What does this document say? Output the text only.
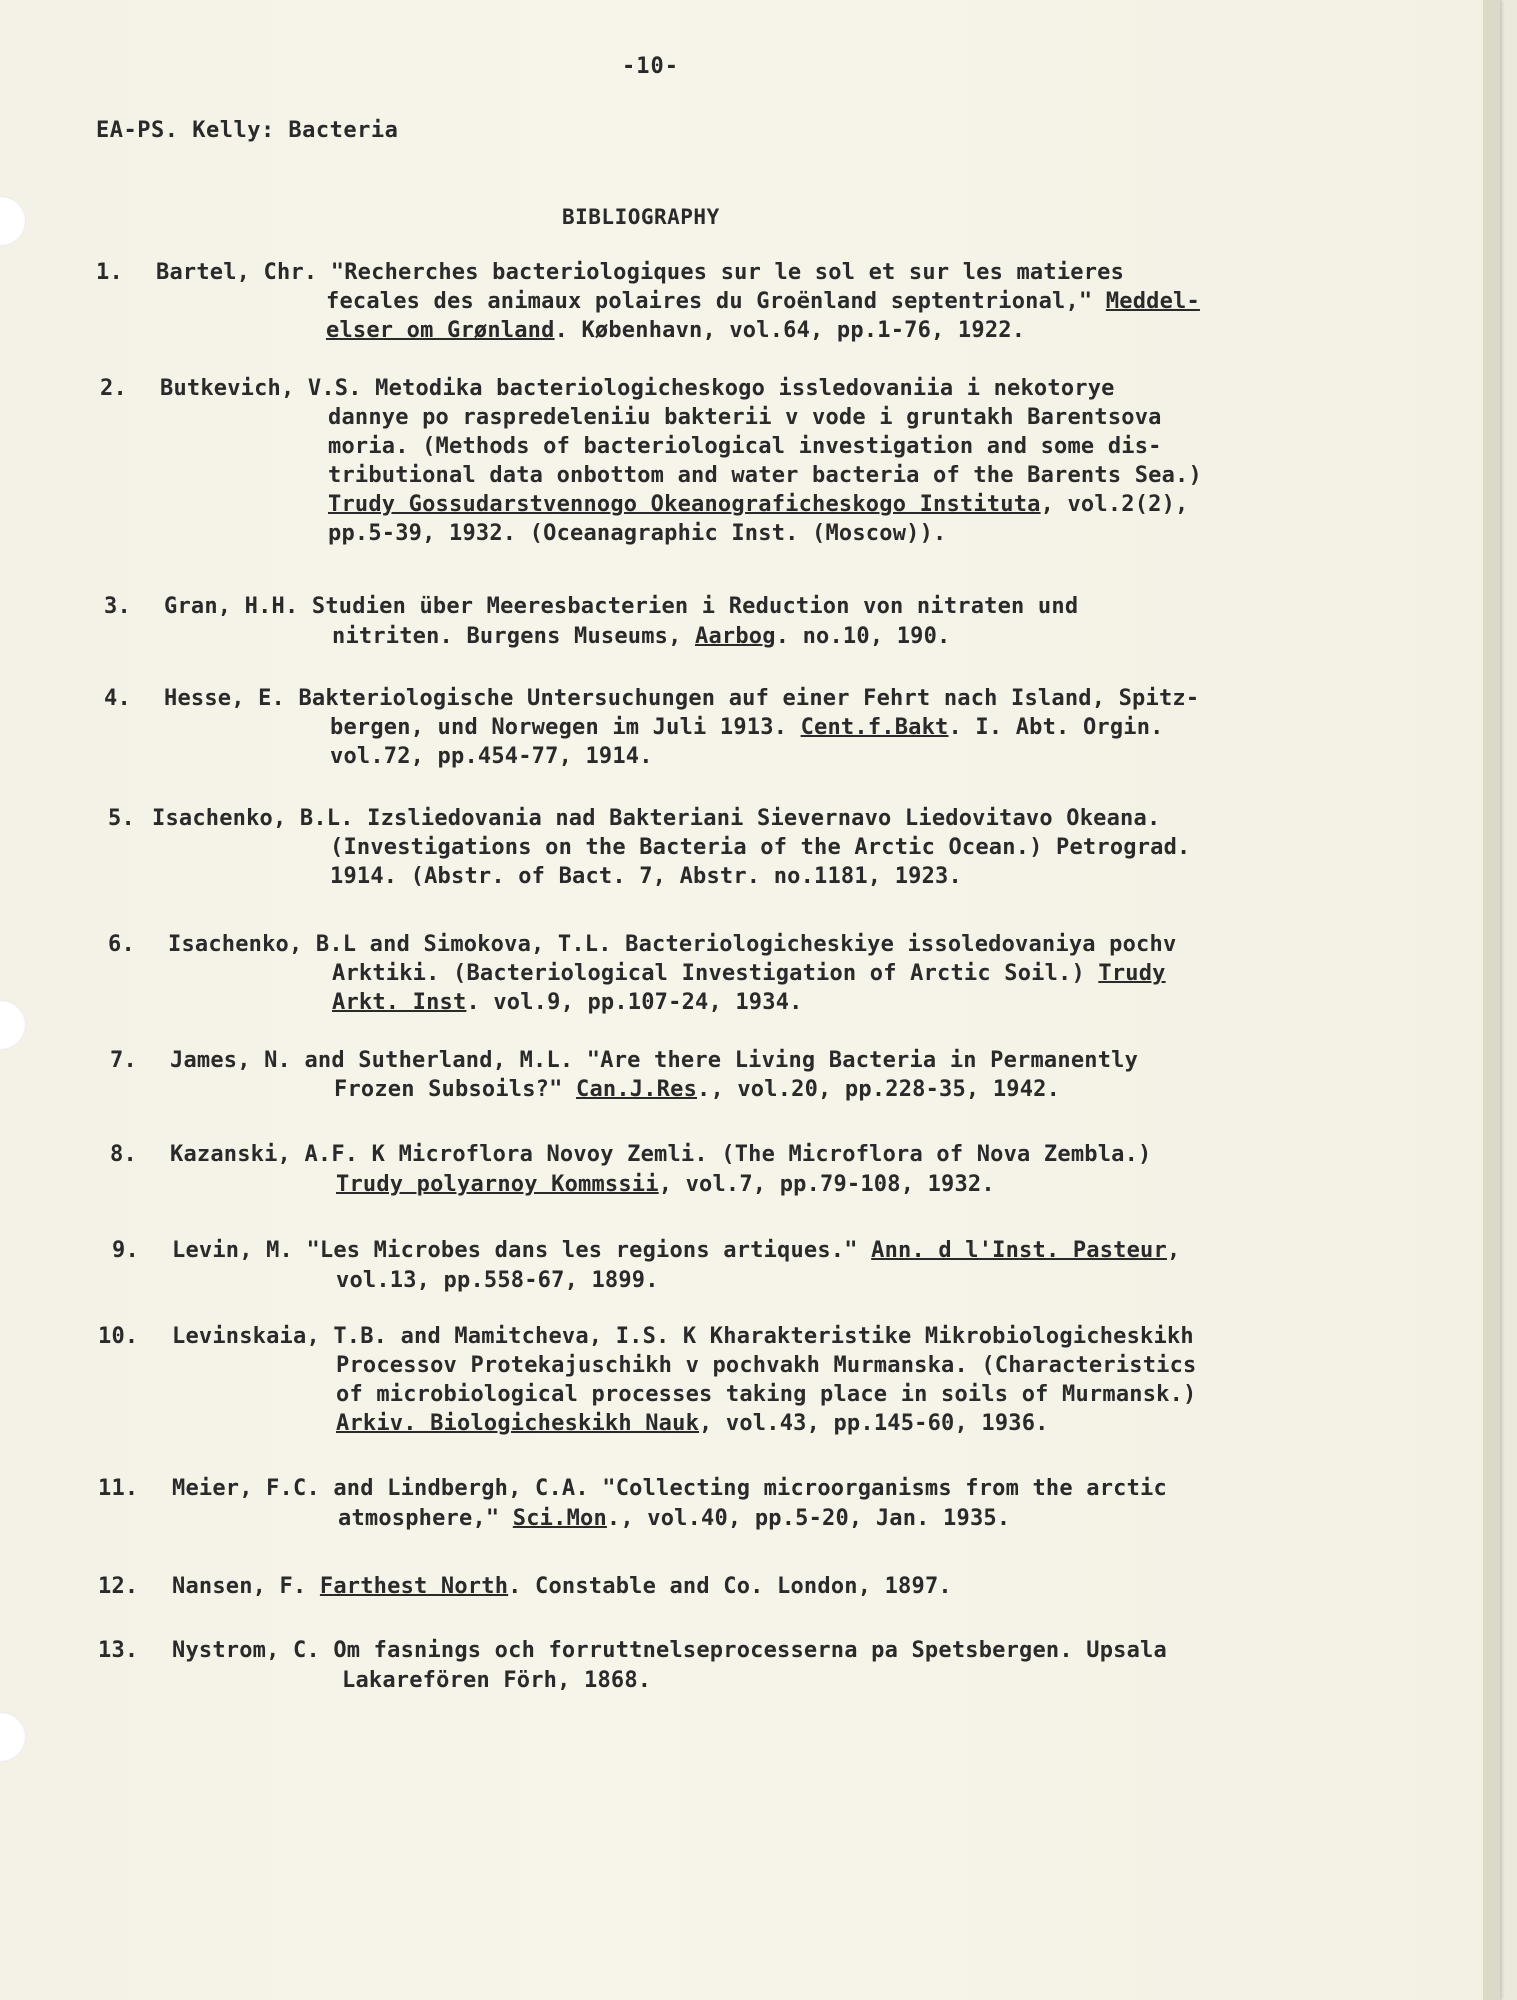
-10-
EA-PS. Kelly: Bacteria
BIBLIOGRAPHY
1. Bartel, Chr. "Recherches bacteriologiques sur le sol et sur les matieres
fecales des animaux polaires du Groënland septentrional," Meddel-
elser om Grønland. København, vol.64, pp.1-76, 1922.
2. Butkevich, V.S. Metodika bacteriologicheskogo issledovaniia i nekotorye
dannye po raspredeleniiu bakterii v vode i gruntakh Barentsova
moria. (Methods of bacteriological investigation and some dis-
tributional data onbottom and water bacteria of the Barents Sea.)
Trudy Gossudarstvennogo Okeanograficheskogo Instituta, vol.2(2),
pp.5-39, 1932. (Oceanagraphic Inst. (Moscow)).
3. Gran, H.H. Studien über Meeresbacterien i Reduction von nitraten und
nitriten. Burgens Museums, Aarbog. no.10, 190.
4. Hesse, E. Bakteriologische Untersuchungen auf einer Fehrt nach Island, Spitz-
bergen, und Norwegen im Juli 1913. Cent.f.Bakt. I. Abt. Orgin.
vol.72, pp.454-77, 1914.
5. Isachenko, B.L. Izsliedovania nad Bakteriani Sievernavo Liedovitavo Okeana.
(Investigations on the Bacteria of the Arctic Ocean.) Petrograd.
1914. (Abstr. of Bact. 7, Abstr. no.1181, 1923.
6. Isachenko, B.L and Simokova, T.L. Bacteriologicheskiye issoledovaniya pochv
Arktiki. (Bacteriological Investigation of Arctic Soil.) Trudy
Arkt. Inst. vol.9, pp.107-24, 1934.
7. James, N. and Sutherland, M.L. "Are there Living Bacteria in Permanently
Frozen Subsoils?" Can.J.Res., vol.20, pp.228-35, 1942.
8. Kazanski, A.F. K Microflora Novoy Zemli. (The Microflora of Nova Zembla.)
Trudy polyarnoy Kommssii, vol.7, pp.79-108, 1932.
9. Levin, M. "Les Microbes dans les regions artiques." Ann. d l'Inst. Pasteur,
vol.13, pp.558-67, 1899.
10. Levinskaia, T.B. and Mamitcheva, I.S. K Kharakteristike Mikrobiologicheskikh
Processov Protekajuschikh v pochvakh Murmanska. (Characteristics
of microbiological processes taking place in soils of Murmansk.)
Arkiv. Biologicheskikh Nauk, vol.43, pp.145-60, 1936.
11. Meier, F.C. and Lindbergh, C.A. "Collecting microorganisms from the arctic
atmosphere," Sci.Mon., vol.40, pp.5-20, Jan. 1935.
12. Nansen, F. Farthest North. Constable and Co. London, 1897.
13. Nystrom, C. Om fasnings och forruttnelseprocesserna pa Spetsbergen. Upsala
Lakarefören Förh, 1868.
